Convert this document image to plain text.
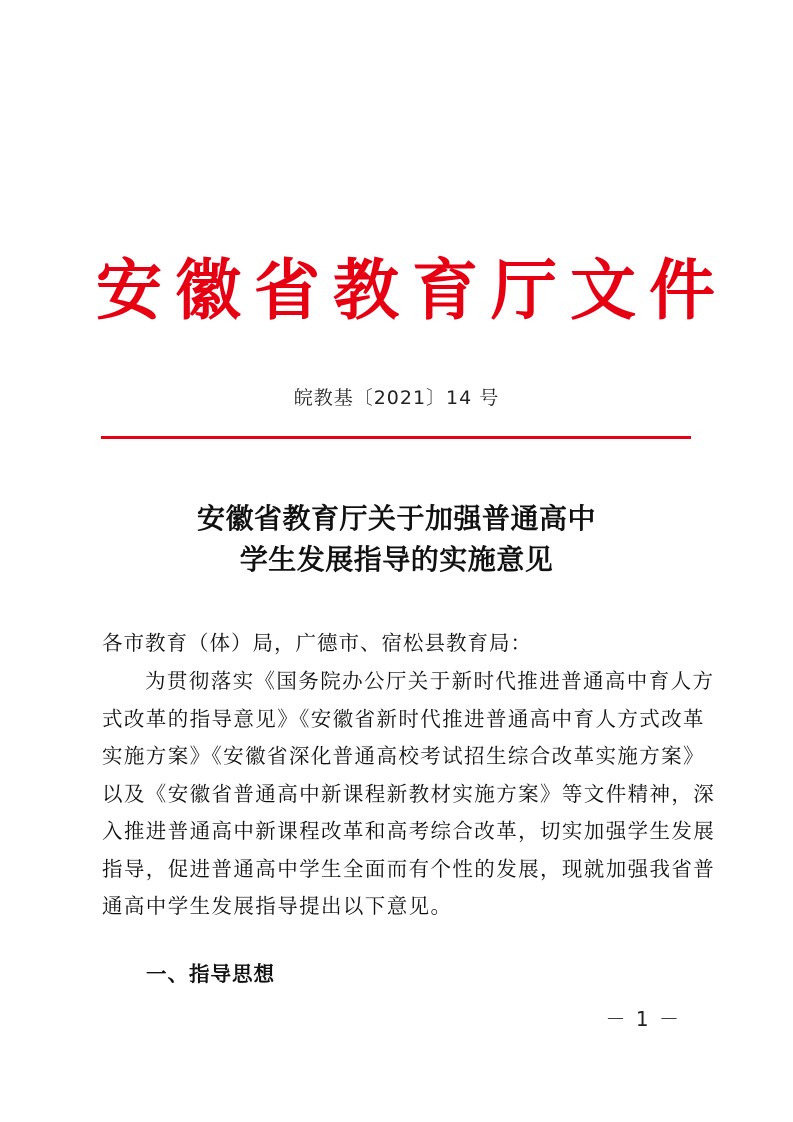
安徽省教育厅文件
皖教基〔2021〕14 号
安徽省教育厅关于加强普通高中
学生发展指导的实施意见
各市教育（体）局，广德市、宿松县教育局：
为贯彻落实《国务院办公厅关于新时代推进普通高中育人方
式改革的指导意见》《安徽省新时代推进普通高中育人方式改革
实施方案》《安徽省深化普通高校考试招生综合改革实施方案》
以及《安徽省普通高中新课程新教材实施方案》等文件精神，深
入推进普通高中新课程改革和高考综合改革，切实加强学生发展
指导，促进普通高中学生全面而有个性的发展，现就加强我省普
通高中学生发展指导提出以下意见。
一、指导思想
－ 1 －
